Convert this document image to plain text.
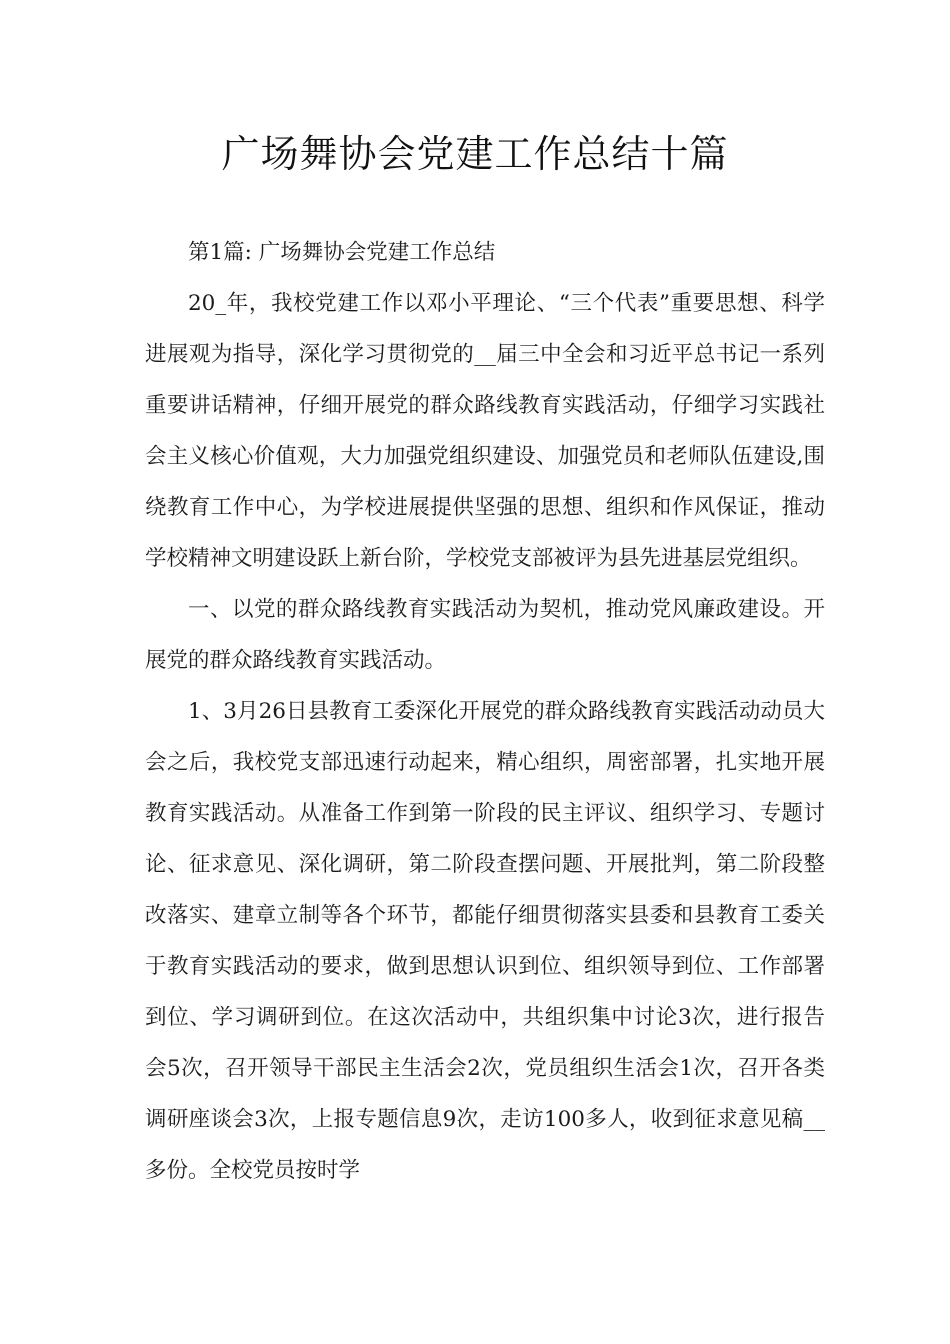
广场舞协会党建工作总结十篇

第1篇: 广场舞协会党建工作总结

20_年，我校党建工作以邓小平理论、“三个代表”重要思想、科学进展观为指导，深化学习贯彻党的__届三中全会和习近平总书记一系列重要讲话精神，仔细开展党的群众路线教育实践活动，仔细学习实践社会主义核心价值观，大力加强党组织建设、加强党员和老师队伍建设,围绕教育工作中心，为学校进展提供坚强的思想、组织和作风保证，推动学校精神文明建设跃上新台阶，学校党支部被评为县先进基层党组织。

一、以党的群众路线教育实践活动为契机，推动党风廉政建设。开展党的群众路线教育实践活动。

1、3月26日县教育工委深化开展党的群众路线教育实践活动动员大会之后，我校党支部迅速行动起来，精心组织，周密部署，扎实地开展教育实践活动。从准备工作到第一阶段的民主评议、组织学习、专题讨论、征求意见、深化调研，第二阶段查摆问题、开展批判，第二阶段整改落实、建章立制等各个环节，都能仔细贯彻落实县委和县教育工委关于教育实践活动的要求，做到思想认识到位、组织领导到位、工作部署到位、学习调研到位。在这次活动中，共组织集中讨论3次，进行报告会5次，召开领导干部民主生活会2次，党员组织生活会1次，召开各类调研座谈会3次，上报专题信息9次，走访100多人，收到征求意见稿__多份。全校党员按时学
